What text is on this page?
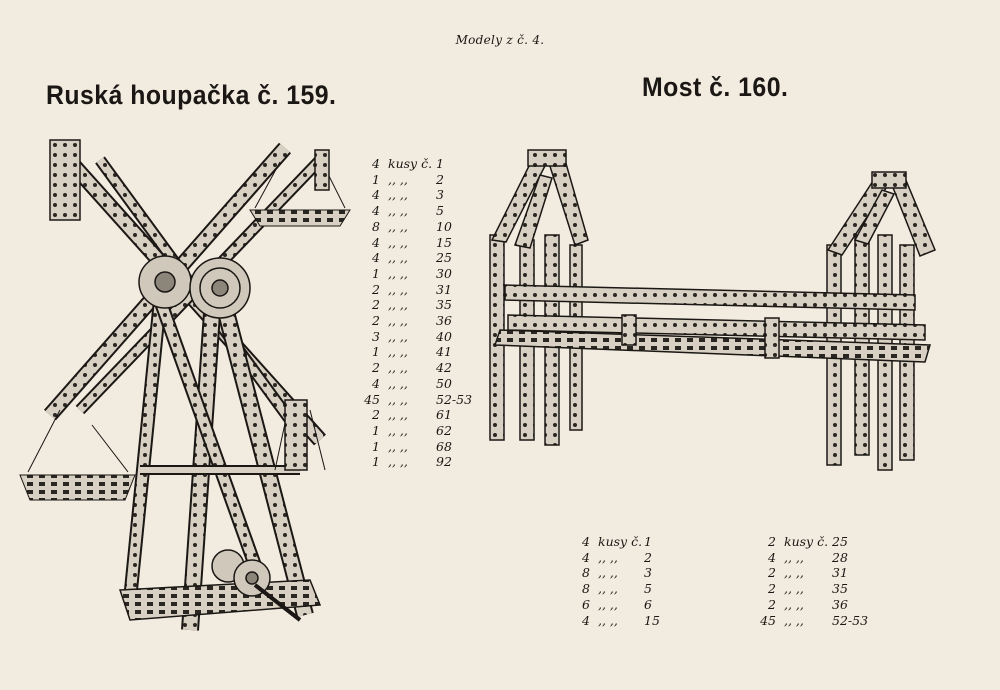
Modely z č. 4.
Ruská houpačka č. 159.	Most č. 160.
4 kusy č. 1
1 ,, ,,	2
4 ,, ,,	3
4 ,, ,,	5
8 ,, ,,	10
4 ,, ,,	15
4 ,, ,,	25
1 ,, ,,	30
2 ,, ,,	31
2 ,, ,,	35
2 ,, ,,	36
3 ,, ,,	40
1 ,, ,,	41
2 ,, ,,	42
4 ,, ,,	50
45 ,, ,,	52-53
2 ,, ,,	61
1 ,, ,,	62
1 ,, ,,	68
1 ,, ,,	92
4 kusy č. 1
4 ,, ,,	2
8 ,, ,,	3
8 ,, ,,	5
6 ,, ,,	6
4 ,, ,,	15
2 kusy č. 25
4 ,, ,,	28
2 ,, ,,	31
2 ,, ,,	35
2 ,, ,,	36
45 ,, ,,	52-53
